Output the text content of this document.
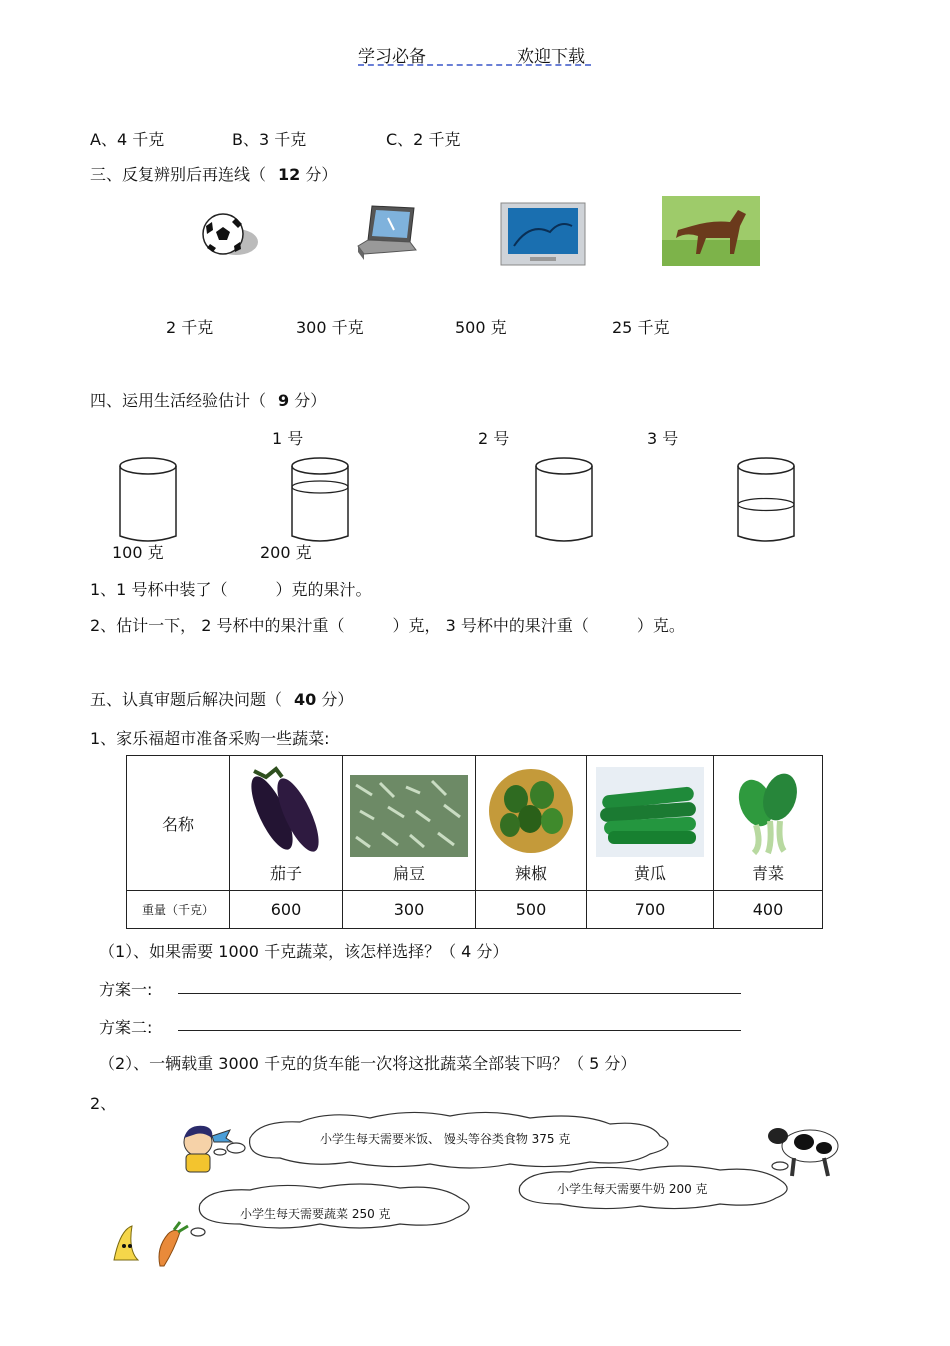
学习必备	欢迎下载
A、4 千克	B、3 千克	C、2 千克
三、反复辨别后再连线（ 12 分）
2 千克	300 千克	500 克	25 千克
四、运用生活经验估计（ 9 分）
1 号	2 号	3 号
100 克	200 克
1、1 号杯中装了（　　　）克的果汁。
2、估计一下， 2 号杯中的果汁重（　　　）克， 3 号杯中的果汁重（　　　）克。
五、认真审题后解决问题（ 40 分）
1、家乐福超市准备采购一些蔬菜:
名称	茄子	扁豆	辣椒	黄瓜	青菜

重量（千克）	600	300	500	700	400
（1）、如果需要 1000 千克蔬菜，该怎样选择？（ 4 分）
方案一:
方案二:
（2）、一辆载重 3000 千克的货车能一次将这批蔬菜全部装下吗？（ 5 分）
2、
小学生每天需要米饭、 馒头等谷类食物 375 克
小学生每天需要牛奶 200 克
小学生每天需要蔬菜 250 克
